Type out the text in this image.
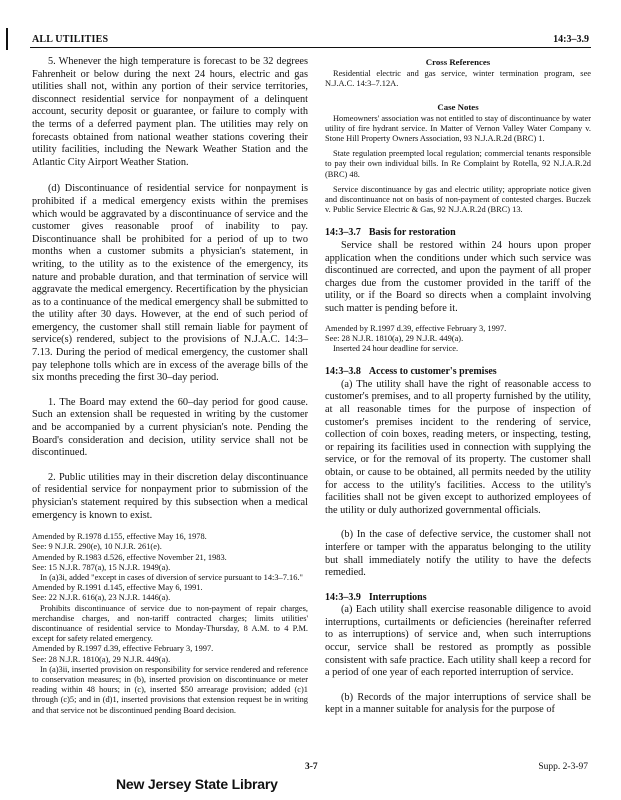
ALL UTILITIES	14:3–3.9

5. Whenever the high temperature is forecast to be 32 degrees Fahrenheit or below during the next 24 hours, electric and gas utilities shall not, within any portion of their service territories, disconnect residential service for nonpayment of a delinquent account, security deposit or guarantee, or failure to comply with the terms of a deferred payment plan. The utilities may rely on forecasts obtained from national weather stations covering their utility facilities, including the Newark Weather Station and the Atlantic City Airport Weather Station.

(d) Discontinuance of residential service for nonpayment is prohibited if a medical emergency exists within the premises which would be aggravated by a discontinuance of service and the customer gives reasonable proof of inability to pay. Discontinuance shall be prohibited for a period of up to two months when a customer submits a physician's statement, in writing, to the utility as to the existence of the emergency, its nature and probable duration, and that termination of service will aggravate the medical emergency. Recertification by the physician as to a continuance of the medical emergency shall be submitted to the utility after 30 days. However, at the end of such period of emergency, the customer shall still remain liable for payment of service(s) rendered, subject to the provisions of N.J.A.C. 14:3–7.13. During the period of medical emergency, the customer shall pay telephone tolls which are in excess of the average bills of the six months preceding the first 30–day period.

1. The Board may extend the 60–day period for good cause. Such an extension shall be requested in writing by the customer and be accompanied by a current physician's note. Pending the Board's consideration and decision, utility service shall not be discontinued.

2. Public utilities may in their discretion delay discontinuance of residential service for nonpayment prior to submission of the physician's statement required by this subsection when a medical emergency is known to exist.

Amended by R.1978 d.155, effective May 16, 1978.

See: 9 N.J.R. 290(e), 10 N.J.R. 261(e).

Amended by R.1983 d.526, effective November 21, 1983.

See: 15 N.J.R. 787(a), 15 N.J.R. 1949(a).

In (a)3i, added "except in cases of diversion of service pursuant to 14:3–7.16."

Amended by R.1991 d.145, effective May 6, 1991.

See: 22 N.J.R. 616(a), 23 N.J.R. 1446(a).

Prohibits discontinuance of service due to non-payment of repair charges, merchandise charges, and non-tariff contracted charges; limits utilities' discontinuance of residential service to Monday-Thursday, 8 A.M. to 4 P.M. except for safety related emergency.

Amended by R.1997 d.39, effective February 3, 1997.

See: 28 N.J.R. 1810(a), 29 N.J.R. 449(a).

In (a)3ii, inserted provision on responsibility for service rendered and reference to conservation measures; in (b), inserted provision on discontinuance or meter reading within 48 hours; in (c), inserted $50 arrearage provision; added (c)1 through (c)5; and in (d)1, inserted provisions that extension request be in writing and that service not be discontinued pending Board decision.

Cross References

Residential electric and gas service, winter termination program, see N.J.A.C. 14:3–7.12A.

Case Notes

Homeowners' association was not entitled to stay of discontinuance by water utility of fire hydrant service. In Matter of Vernon Valley Water Company v. Stone Hill Property Owners Association, 93 N.J.A.R.2d (BRC) 1.

State regulation preempted local regulation; commercial tenants responsible to pay their own individual bills. In Re Complaint by Rotella, 92 N.J.A.R.2d (BRC) 48.

Service discontinuance by gas and electric utility; appropriate notice given and discontinuance not on basis of non-payment of contested charges. Buczek v. Public Service Electric & Gas, 92 N.J.A.R.2d (BRC) 13.

14:3–3.7 Basis for restoration

Service shall be restored within 24 hours upon proper application when the conditions under which such service was discontinued are corrected, and upon the payment of all proper charges due from the customer provided in the tariff of the utility, or if the Board so directs when a complaint involving such matter is pending before it.

Amended by R.1997 d.39, effective February 3, 1997.

See: 28 N.J.R. 1810(a), 29 N.J.R. 449(a).

Inserted 24 hour deadline for service.

14:3–3.8 Access to customer's premises

(a) The utility shall have the right of reasonable access to customer's premises, and to all property furnished by the utility, at all reasonable times for the purpose of inspection of customer's premises incident to the rendering of service, collection of coin boxes, reading meters, or inspecting, testing, or repairing its facilities used in connection with supplying the service, or for the removal of its property. The customer shall obtain, or cause to be obtained, all permits needed by the utility for access to the utility's facilities. Access to the utility's facilities shall not be given except to authorized employees of the utility or duly authorized governmental officials.

(b) In the case of defective service, the customer shall not interfere or tamper with the apparatus belonging to the utility but shall immediately notify the utility to have the defects remedied.

14:3–3.9 Interruptions

(a) Each utility shall exercise reasonable diligence to avoid interruptions, curtailments or deficiencies (hereinafter referred to as interruptions) of service and, when such interruptions occur, service shall be restored as promptly as possible consistent with safe practice. Each utility shall keep a record for a period of one year of each reported interruption of service.

(b) Records of the major interruptions of service shall be kept in a manner suitable for analysis for the purpose of

3-7	Supp. 2-3-97
New Jersey State Library
